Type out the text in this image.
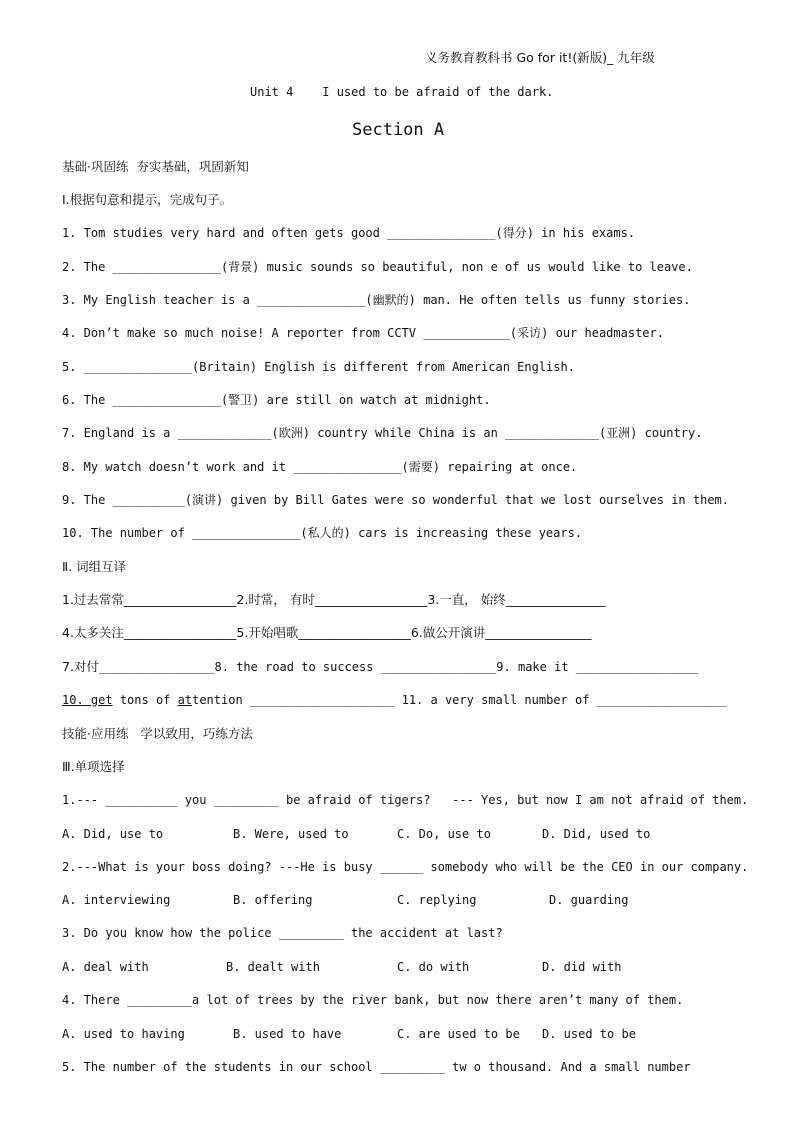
义务教育教科书 Go for it!(新版)_ 九年级
Unit 4    I used to be afraid of the dark.
Section A
基础·巩固练  夯实基础，巩固新知
Ⅰ.根据句意和提示，完成句子。
1. Tom studies very hard and often gets good _______________(得分) in his exams.
2. The _______________(背景) music sounds so beautiful, non e of us would like to leave.
3. My English teacher is a _______________(幽默的) man. He often tells us funny stories.
4. Don’t make so much noise! A reporter from CCTV ____________(采访) our headmaster.
5. _______________(Britain) English is different from American English.
6. The _______________(警卫) are still on watch at midnight.
7. England is a _____________(欧洲) country while China is an _____________(亚洲) country.
8. My watch doesn’t work and it _______________(需要) repairing at once.
9. The __________(演讲) given by Bill Gates were so wonderful that we lost ourselves in them.
10. The number of _______________(私人的) cars is increasing these years.
Ⅱ. 词组互译
1.过去常常__________________2.时常， 有时__________________3.一直， 始终________________
4.太多关注__________________5.开始唱歌__________________6.做公开演讲_________________
7.对付________________8. the road to success ________________9. make it _________________
10. get tons of attention ____________________ 11. a very small number of __________________
技能·应用练   学以致用，巧练方法
Ⅲ.单项选择
1.--- __________ you _________ be afraid of tigers?   --- Yes, but now I am not afraid of them.
A. Did, use to	B. Were, used to	C. Do, use to	D. Did, used to
2.---What is your boss doing? ---He is busy ______ somebody who will be the CEO in our company.
A. interviewing	B. offering	C. replying	D. guarding
3. Do you know how the police _________ the accident at last?
A. deal with	B. dealt with	C. do with	D. did with
4. There _________a lot of trees by the river bank, but now there aren’t many of them.
A. used to having	B. used to have	C. are used to be	D. used to be
5. The number of the students in our school _________ tw o thousand. And a small number
